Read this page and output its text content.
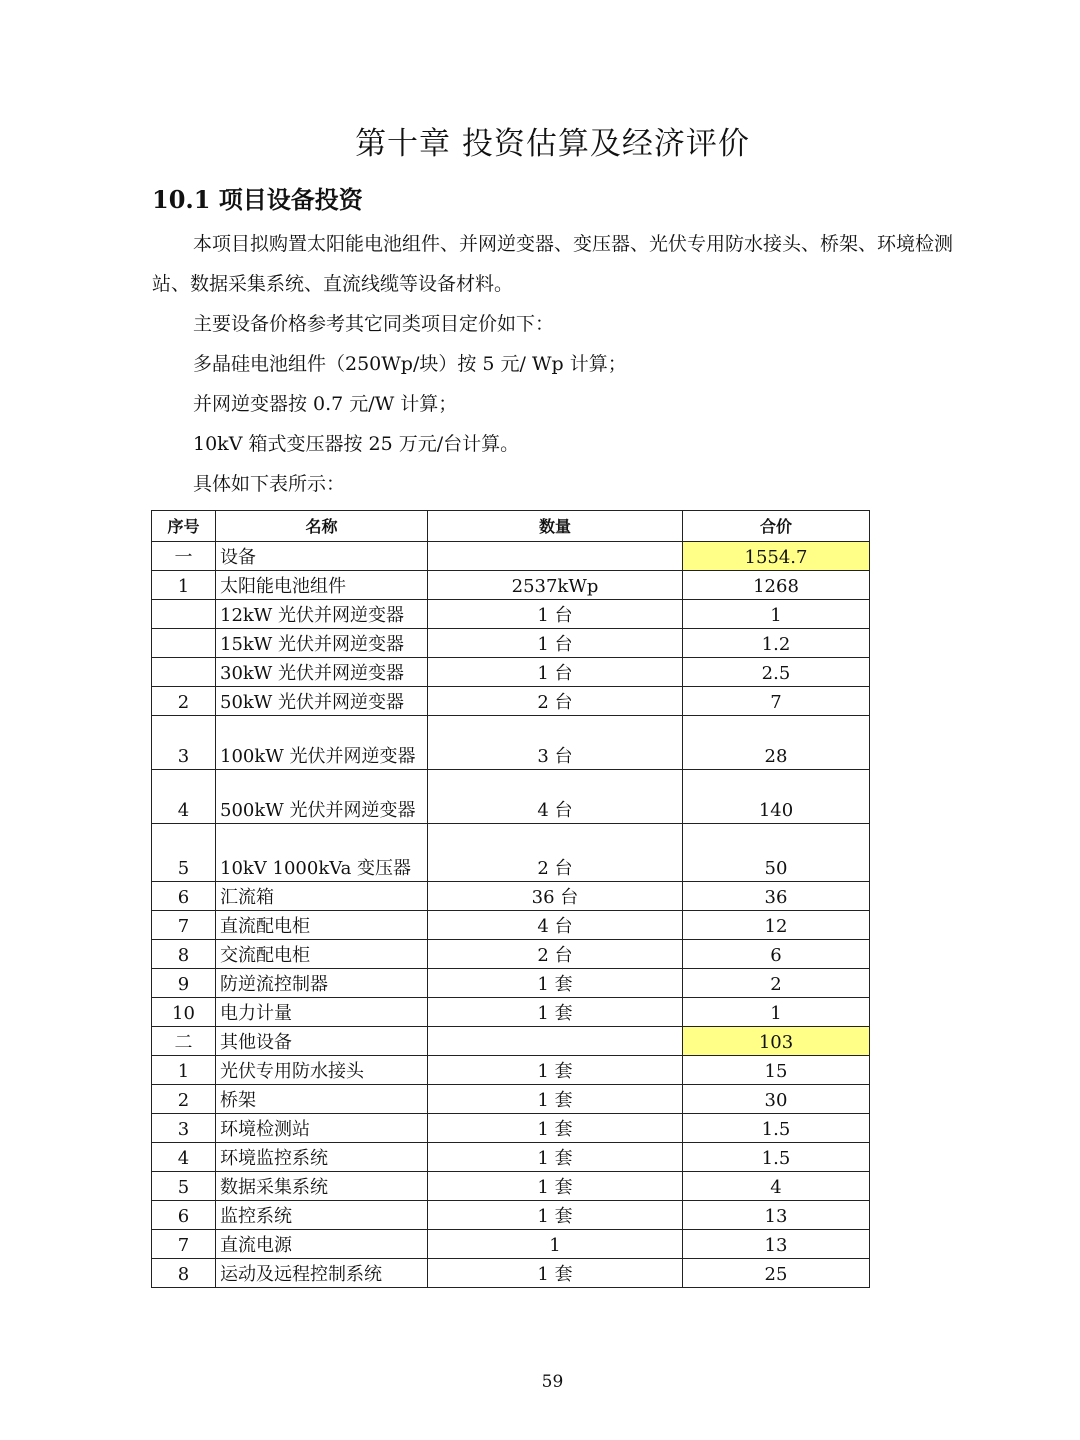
第十章 投资估算及经济评价
10.1 项目设备投资

本项目拟购置太阳能电池组件、并网逆变器、变压器、光伏专用防水接头、桥架、环境检测站、数据采集系统、直流线缆等设备材料。

主要设备价格参考其它同类项目定价如下：

多晶硅电池组件（250Wp/块）按 5 元/ Wp 计算；

并网逆变器按 0.7 元/W 计算；

10kV 箱式变压器按 25 万元/台计算。

具体如下表所示：

序号	名称	数量	合价
一	设备		1554.7
1	太阳能电池组件	2537kWp	1268
	12kW 光伏并网逆变器	1 台	1
	15kW 光伏并网逆变器	1 台	1.2
	30kW 光伏并网逆变器	1 台	2.5
2	50kW 光伏并网逆变器	2 台	7
3	100kW 光伏并网逆变器	3 台	28
4	500kW 光伏并网逆变器	4 台	140
5	10kV 1000kVa 变压器	2 台	50
6	汇流箱	36 台	36
7	直流配电柜	4 台	12
8	交流配电柜	2 台	6
9	防逆流控制器	1 套	2
10	电力计量	1 套	1
二	其他设备		103
1	光伏专用防水接头	1 套	15
2	桥架	1 套	30
3	环境检测站	1 套	1.5
4	环境监控系统	1 套	1.5
5	数据采集系统	1 套	4
6	监控系统	1 套	13
7	直流电源	1	13
8	运动及远程控制系统	1 套	25
59
